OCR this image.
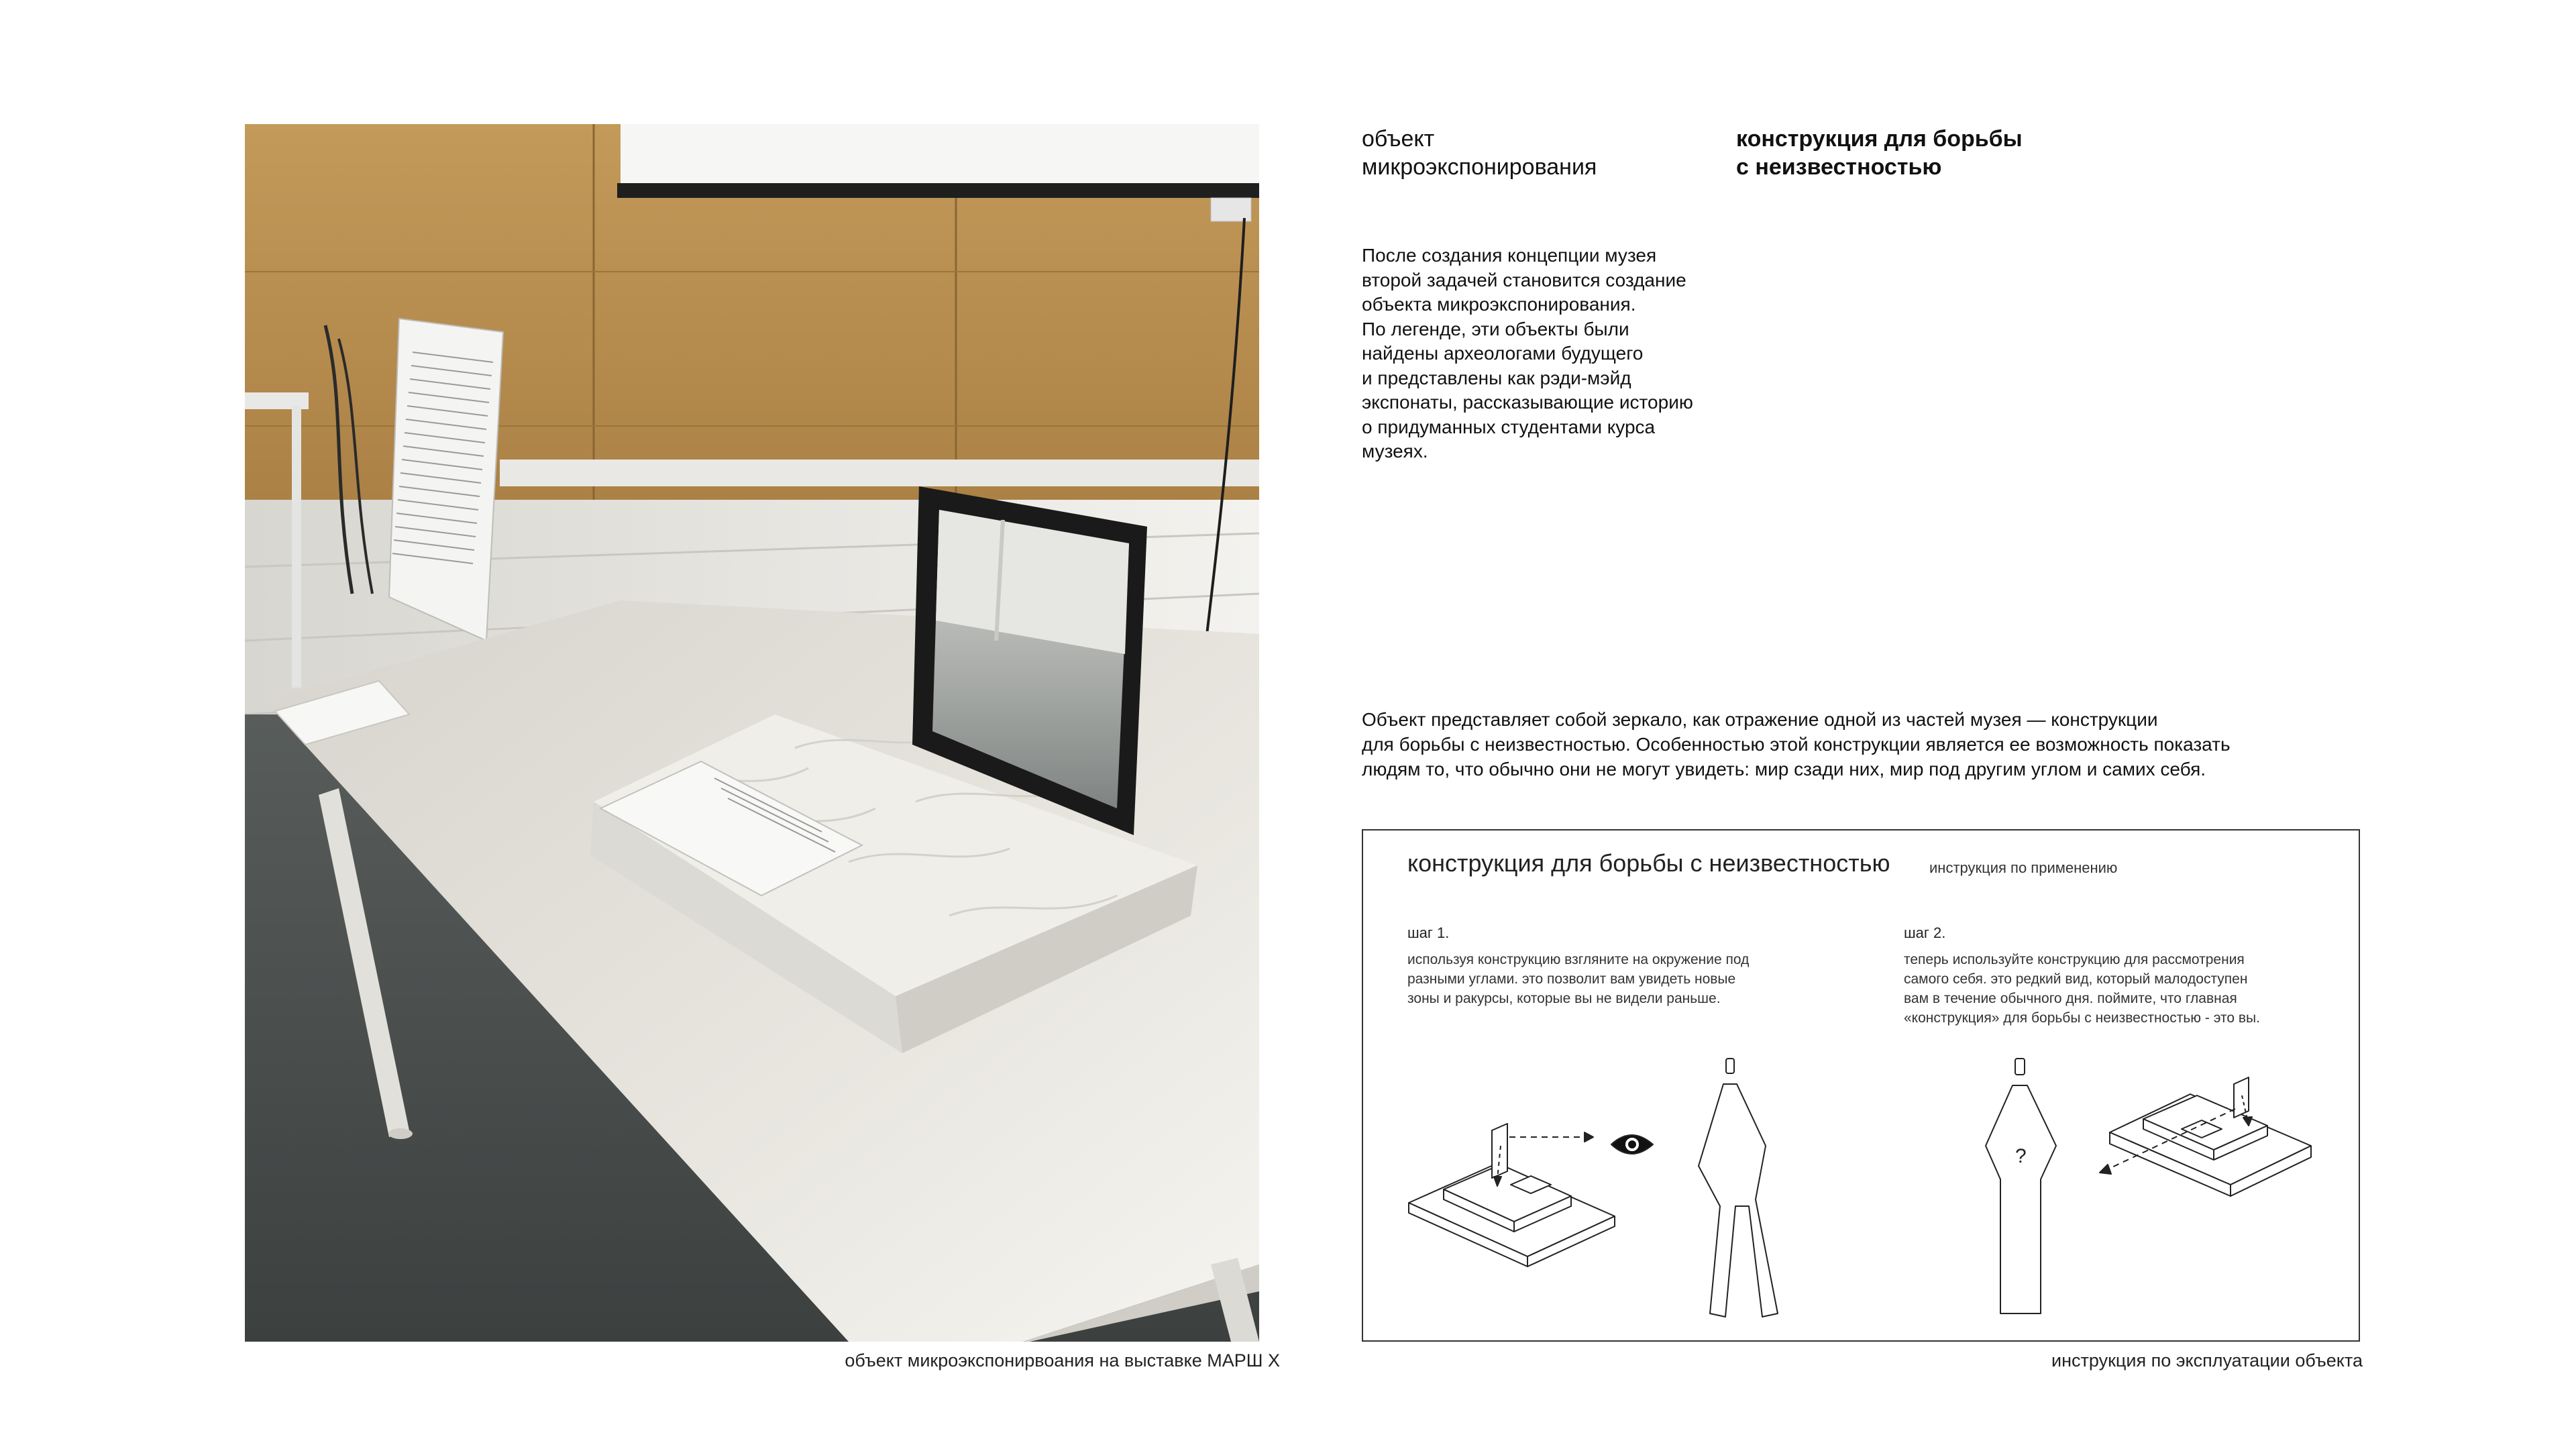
объект микроэкспонирвоания на выставке МАРШ X
объект
микроэкспонирования
конструкция для борьбы
с неизвестностью
После создания концепции музея
второй задачей становится создание
объекта микроэкспонирования.
По легенде, эти объекты были
найдены археологами будущего
и представлены как рэди-мэйд
экспонаты, рассказывающие историю
о придуманных студентами курса
музеях.
Объект представляет собой зеркало, как отражение одной из частей музея — конструкции
для борьбы с неизвестностью. Особенностью этой конструкции является ее возможность показать
людям то, что обычно они не могут увидеть: мир сзади них, мир под другим углом и самих себя.
?
конструкция для борьбы с неизвестностью	инструкция по применению
шаг 1.
используя конструкцию взгляните на окружение под
разными углами. это позволит вам увидеть новые
зоны и ракурсы, которые вы не видели раньше.
шаг 2.
теперь используйте конструкцию для рассмотрения
самого себя. это редкий вид, который малодоступен
вам в течение обычного дня. поймите, что главная
«конструкция» для борьбы с неизвестностью - это вы.
инструкция по эксплуатации объекта
